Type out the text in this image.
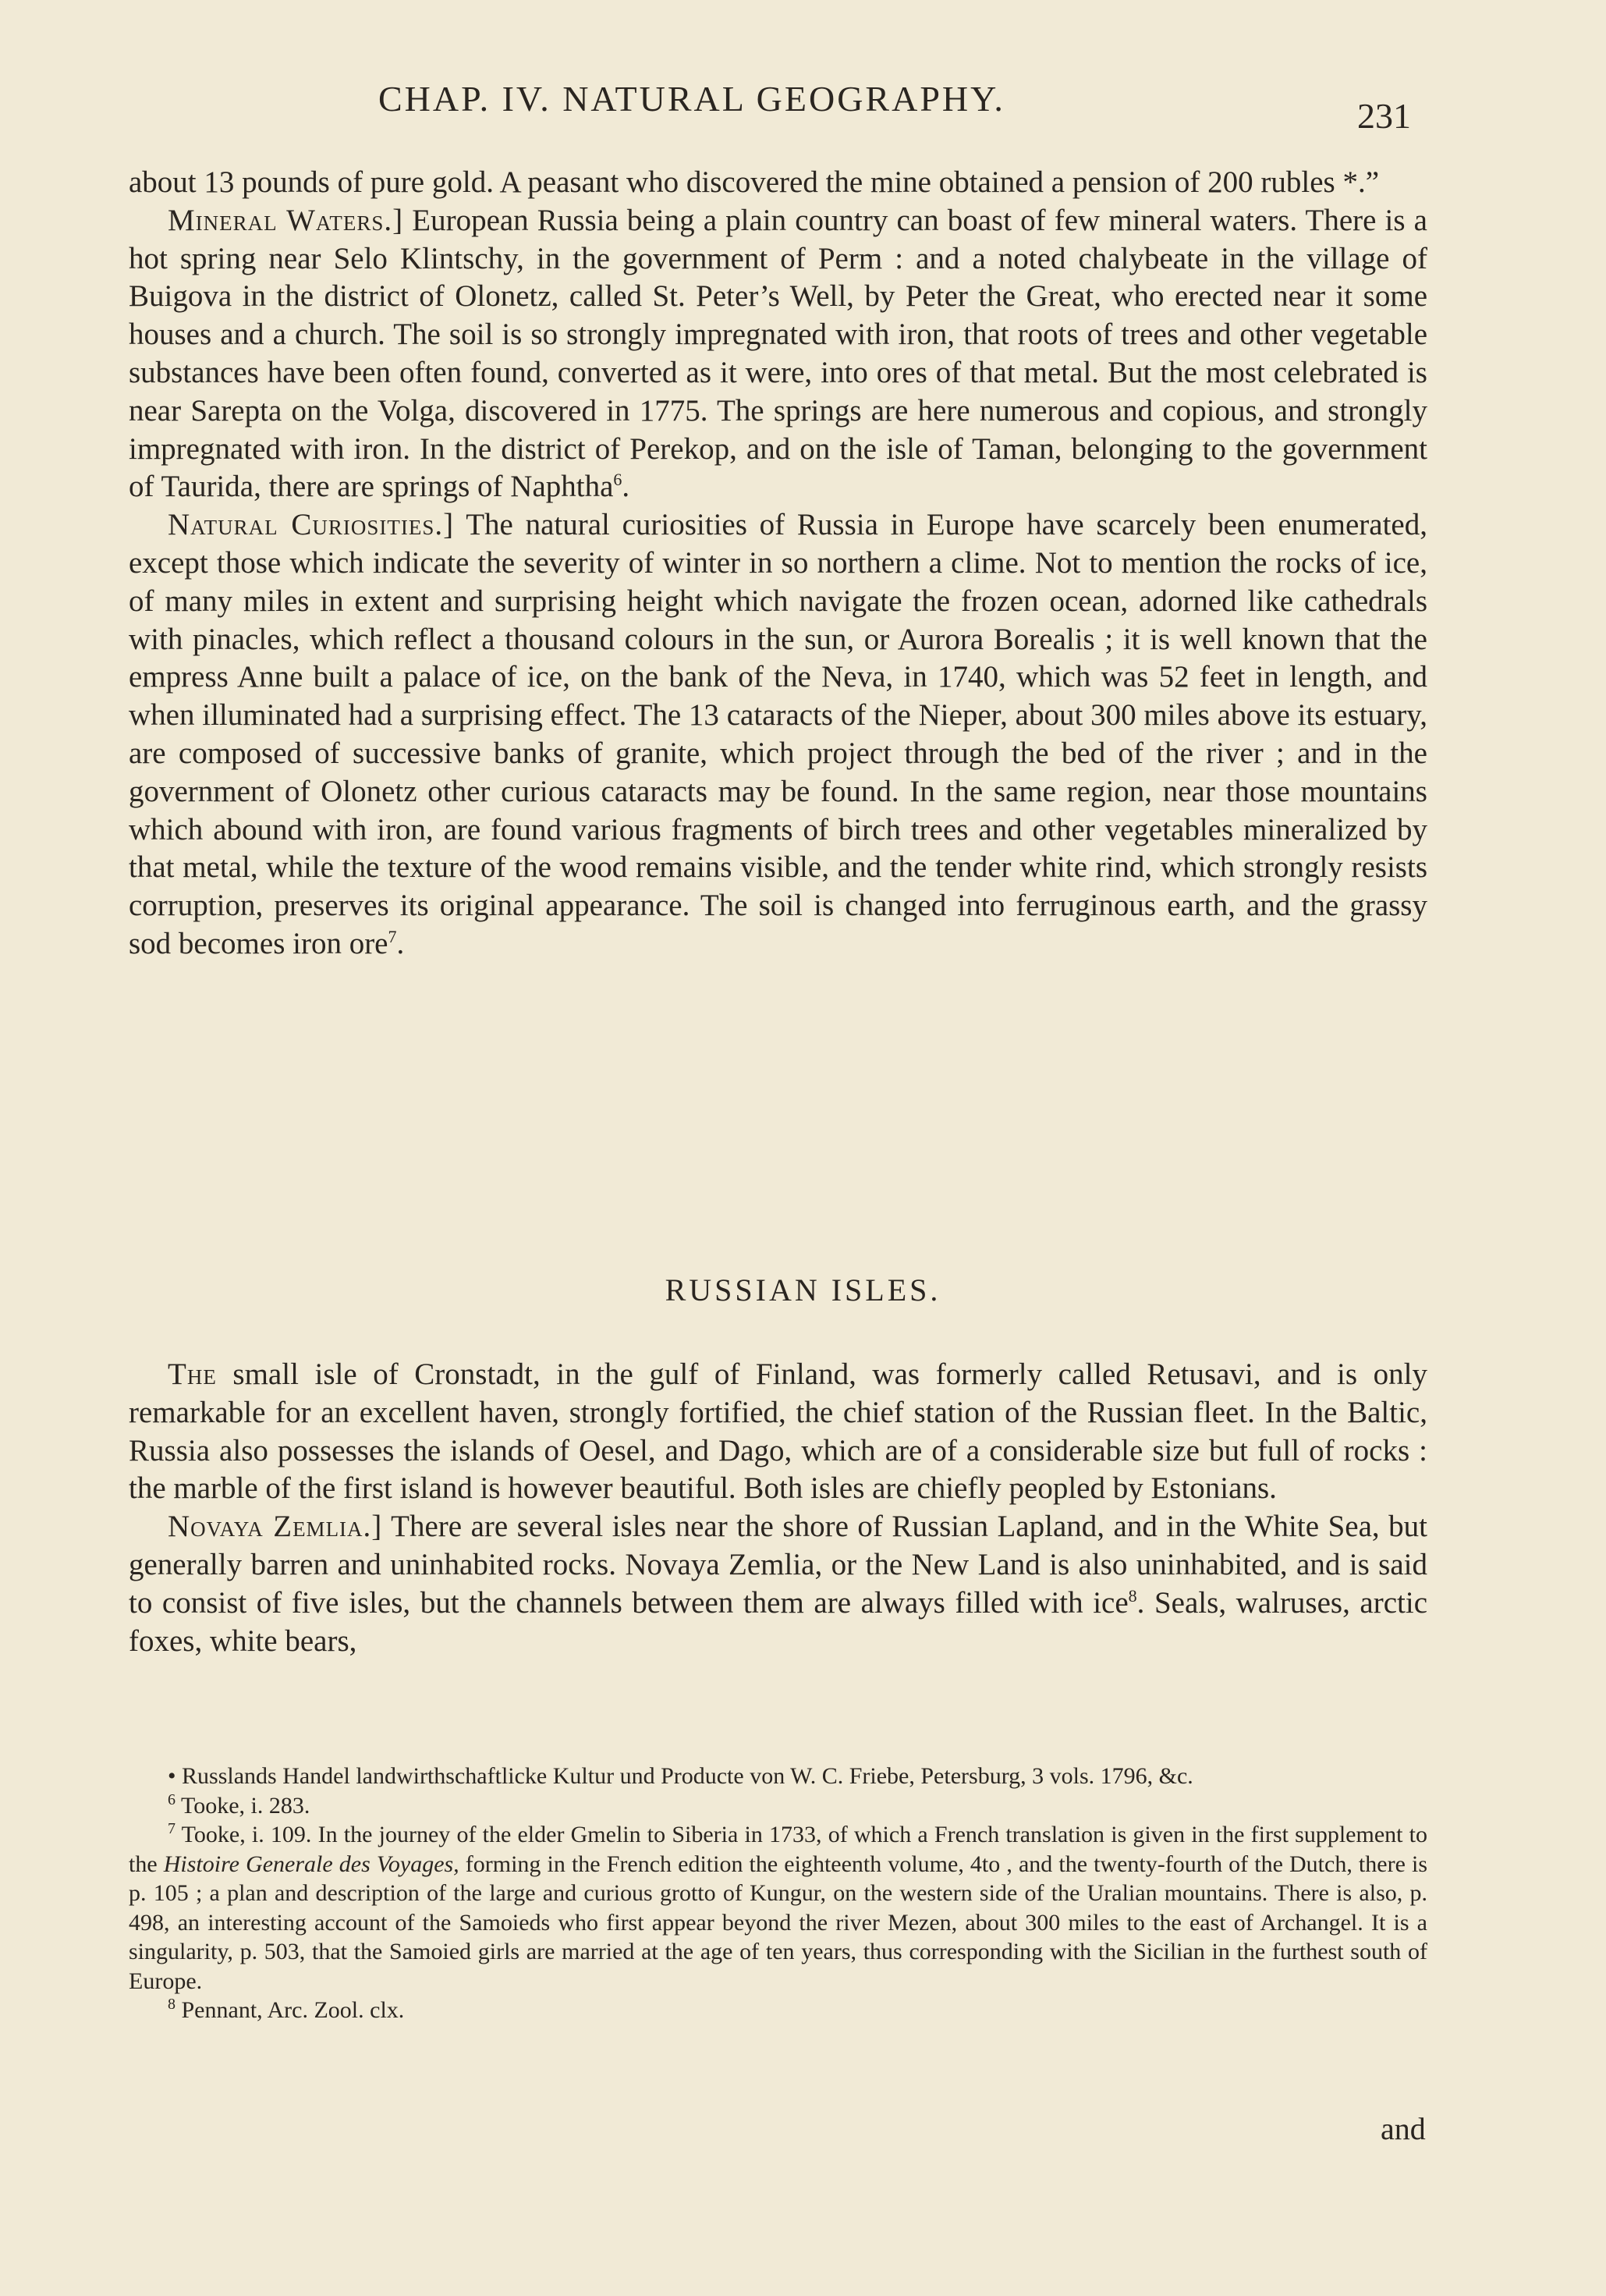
CHAP. IV. NATURAL GEOGRAPHY.	231

about 13 pounds of pure gold. A peasant who discovered the mine obtained a pension of 200 rubles *.”

Mineral Waters.] European Russia being a plain country can boast of few mineral waters. There is a hot spring near Selo Klintschy, in the government of Perm : and a noted chalybeate in the village of Buigova in the district of Olonetz, called St. Peter’s Well, by Peter the Great, who erected near it some houses and a church. The soil is so strongly impregnated with iron, that roots of trees and other vegetable substances have been often found, converted as it were, into ores of that metal. But the most celebrated is near Sarepta on the Volga, discovered in 1775. The springs are here numerous and copious, and strongly impregnated with iron. In the district of Perekop, and on the isle of Taman, belonging to the government of Taurida, there are springs of Naphtha$^6$.

Natural Curiosities.] The natural curiosities of Russia in Europe have scarcely been enumerated, except those which indicate the severity of winter in so northern a clime. Not to mention the rocks of ice, of many miles in extent and surprising height which navigate the frozen ocean, adorned like cathedrals with pinacles, which reflect a thousand colours in the sun, or Aurora Borealis ; it is well known that the empress Anne built a palace of ice, on the bank of the Neva, in 1740, which was 52 feet in length, and when illuminated had a surprising effect. The 13 cataracts of the Nieper, about 300 miles above its estuary, are composed of successive banks of granite, which project through the bed of the river ; and in the government of Olonetz other curious cataracts may be found. In the same region, near those mountains which abound with iron, are found various fragments of birch trees and other vegetables mineralized by that metal, while the texture of the wood remains visible, and the tender white rind, which strongly resists corruption, preserves its original appearance. The soil is changed into ferruginous earth, and the grassy sod becomes iron ore$^7$.

RUSSIAN ISLES.

The small isle of Cronstadt, in the gulf of Finland, was formerly called Retusavi, and is only remarkable for an excellent haven, strongly fortified, the chief station of the Russian fleet. In the Baltic, Russia also possesses the islands of Oesel, and Dago, which are of a considerable size but full of rocks : the marble of the first island is however beautiful. Both isles are chiefly peopled by Estonians.

Novaya Zemlia.] There are several isles near the shore of Russian Lapland, and in the White Sea, but generally barren and uninhabited rocks. Novaya Zemlia, or the New Land is also uninhabited, and is said to consist of five isles, but the channels between them are always filled with ice$^8$. Seals, walruses, arctic foxes, white bears,

• Russlands Handel landwirthschaftlicke Kultur und Producte von W. C. Friebe, Petersburg, 3 vols. 1796, &c.

$^6$ Tooke, i. 283.

$^7$ Tooke, i. 109. In the journey of the elder Gmelin to Siberia in 1733, of which a French translation is given in the first supplement to the Histoire Generale des Voyages, forming in the French edition the eighteenth volume, 4to , and the twenty-fourth of the Dutch, there is p. 105 ; a plan and description of the large and curious grotto of Kungur, on the western side of the Uralian mountains. There is also, p. 498, an interesting account of the Samoieds who first appear beyond the river Mezen, about 300 miles to the east of Archangel. It is a singularity, p. 503, that the Samoied girls are married at the age of ten years, thus corresponding with the Sicilian in the furthest south of Europe.

$^8$ Pennant, Arc. Zool. clx.

and
